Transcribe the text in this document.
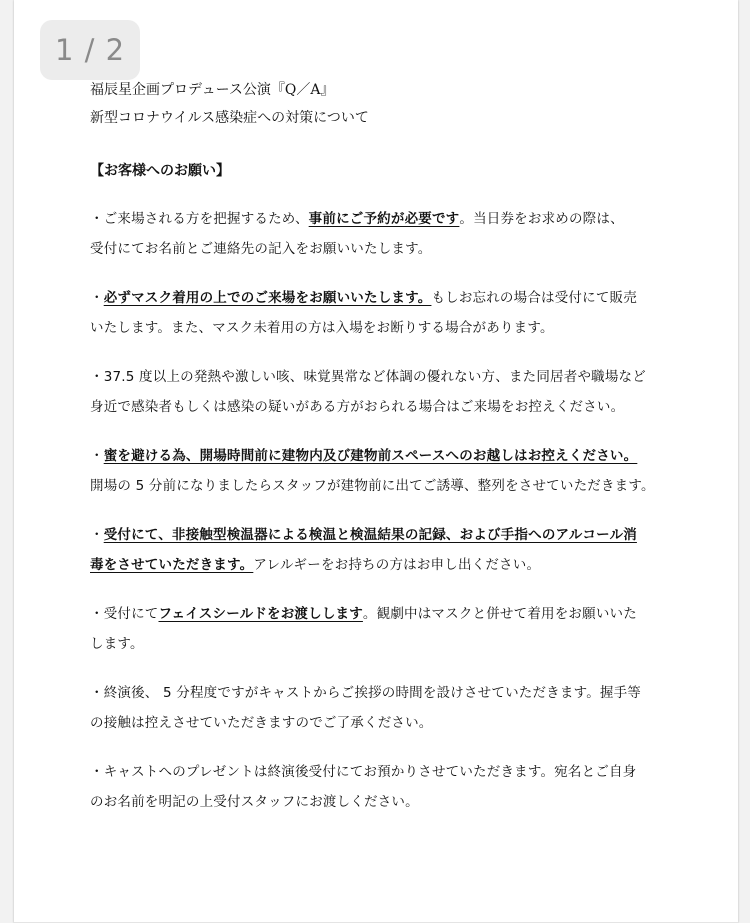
1 / 2
福辰星企画プロデュース公演『Q／A』
新型コロナウイルス感染症への対策について
【お客様へのお願い】
・ご来場される方を把握するため、事前にご予約が必要です。当日券をお求めの際は、
受付にてお名前とご連絡先の記入をお願いいたします。
・必ずマスク着用の上でのご来場をお願いいたします。もしお忘れの場合は受付にて販売
いたします。また、マスク未着用の方は入場をお断りする場合があります。
・37.5 度以上の発熱や激しい咳、味覚異常など体調の優れない方、また同居者や職場など
身近で感染者もしくは感染の疑いがある方がおられる場合はご来場をお控えください。
・蜜を避ける為、開場時間前に建物内及び建物前スペースへのお越しはお控えください。
開場の 5 分前になりましたらスタッフが建物前に出てご誘導、整列をさせていただきます。
・受付にて、非接触型検温器による検温と検温結果の記録、および手指へのアルコール消
毒をさせていただきます。アレルギーをお持ちの方はお申し出ください。
・受付にてフェイスシールドをお渡しします。観劇中はマスクと併せて着用をお願いいた
します。
・終演後、 5 分程度ですがキャストからご挨拶の時間を設けさせていただきます。握手等
の接触は控えさせていただきますのでご了承ください。
・キャストへのプレゼントは終演後受付にてお預かりさせていただきます。宛名とご自身
のお名前を明記の上受付スタッフにお渡しください。
